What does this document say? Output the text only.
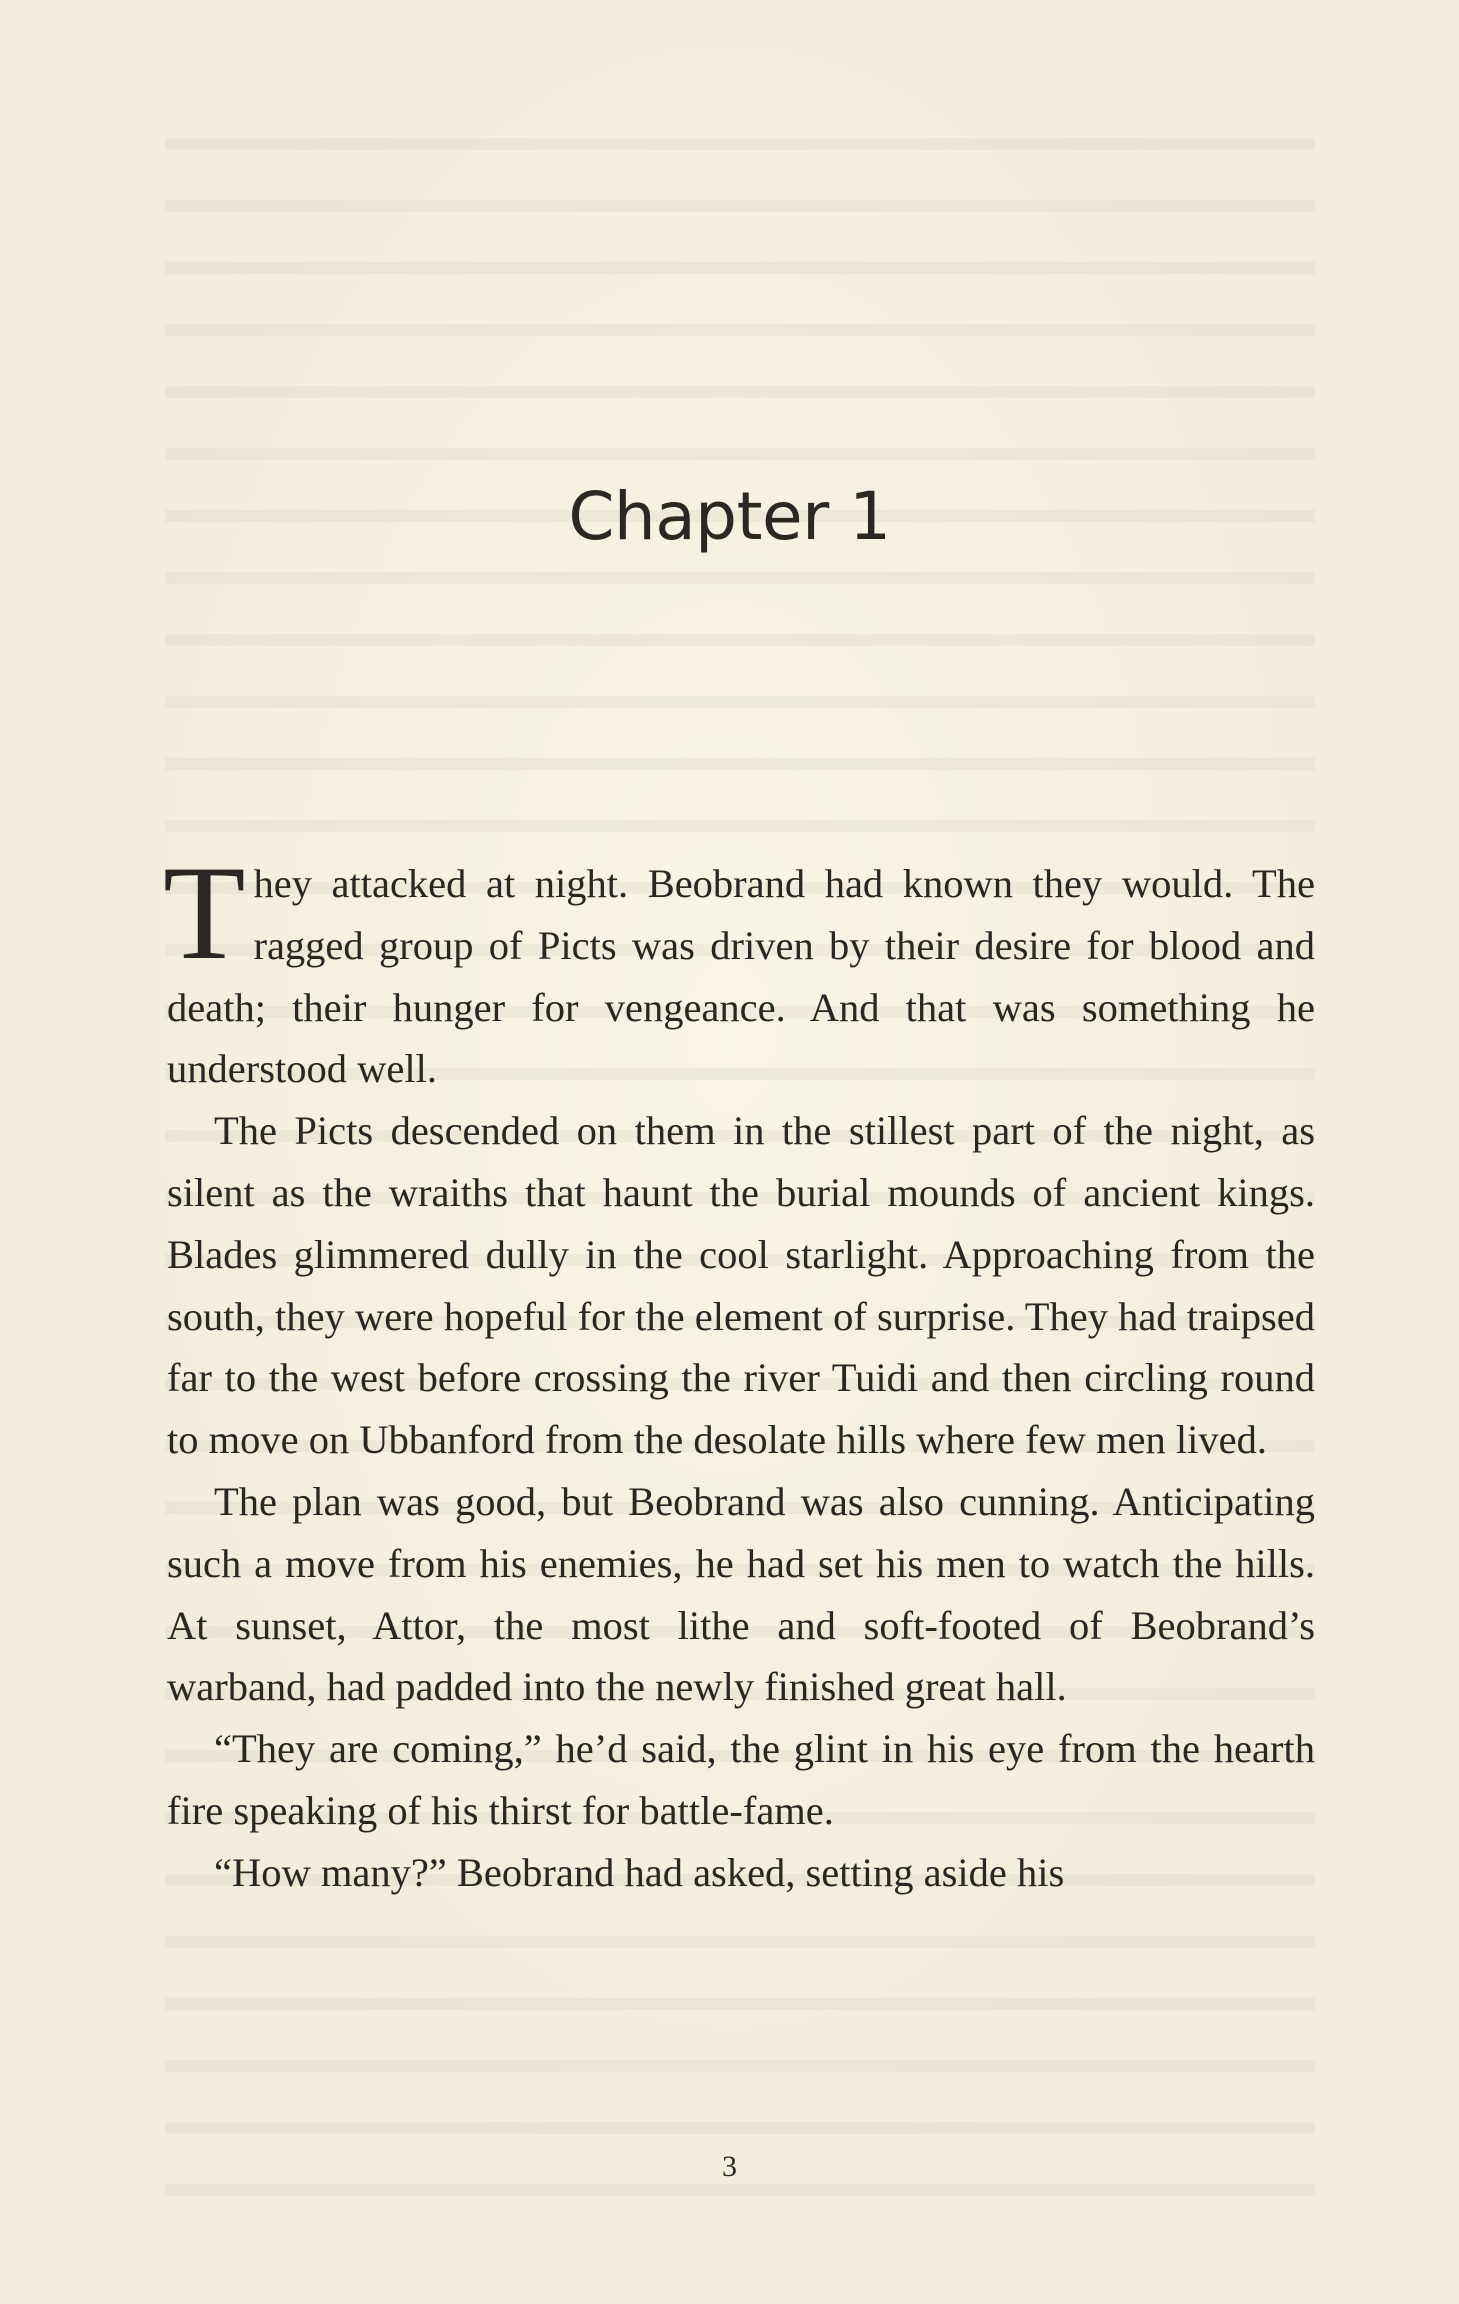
Chapter 1

They attacked at night. Beobrand had known they would. The ragged group of Picts was driven by their desire for blood and death; their hunger for vengeance. And that was something he understood well.

The Picts descended on them in the stillest part of the night, as silent as the wraiths that haunt the burial mounds of ancient kings. Blades glimmered dully in the cool starlight. Approaching from the south, they were hopeful for the element of surprise. They had traipsed far to the west before crossing the river Tuidi and then circling round to move on Ubbanford from the desolate hills where few men lived.

The plan was good, but Beobrand was also cunning. Anticipating such a move from his enemies, he had set his men to watch the hills. At sunset, Attor, the most lithe and soft-footed of Beobrand’s warband, had padded into the newly finished great hall.

“They are coming,” he’d said, the glint in his eye from the hearth fire speaking of his thirst for battle-fame.

“How many?” Beobrand had asked, setting aside his

3
